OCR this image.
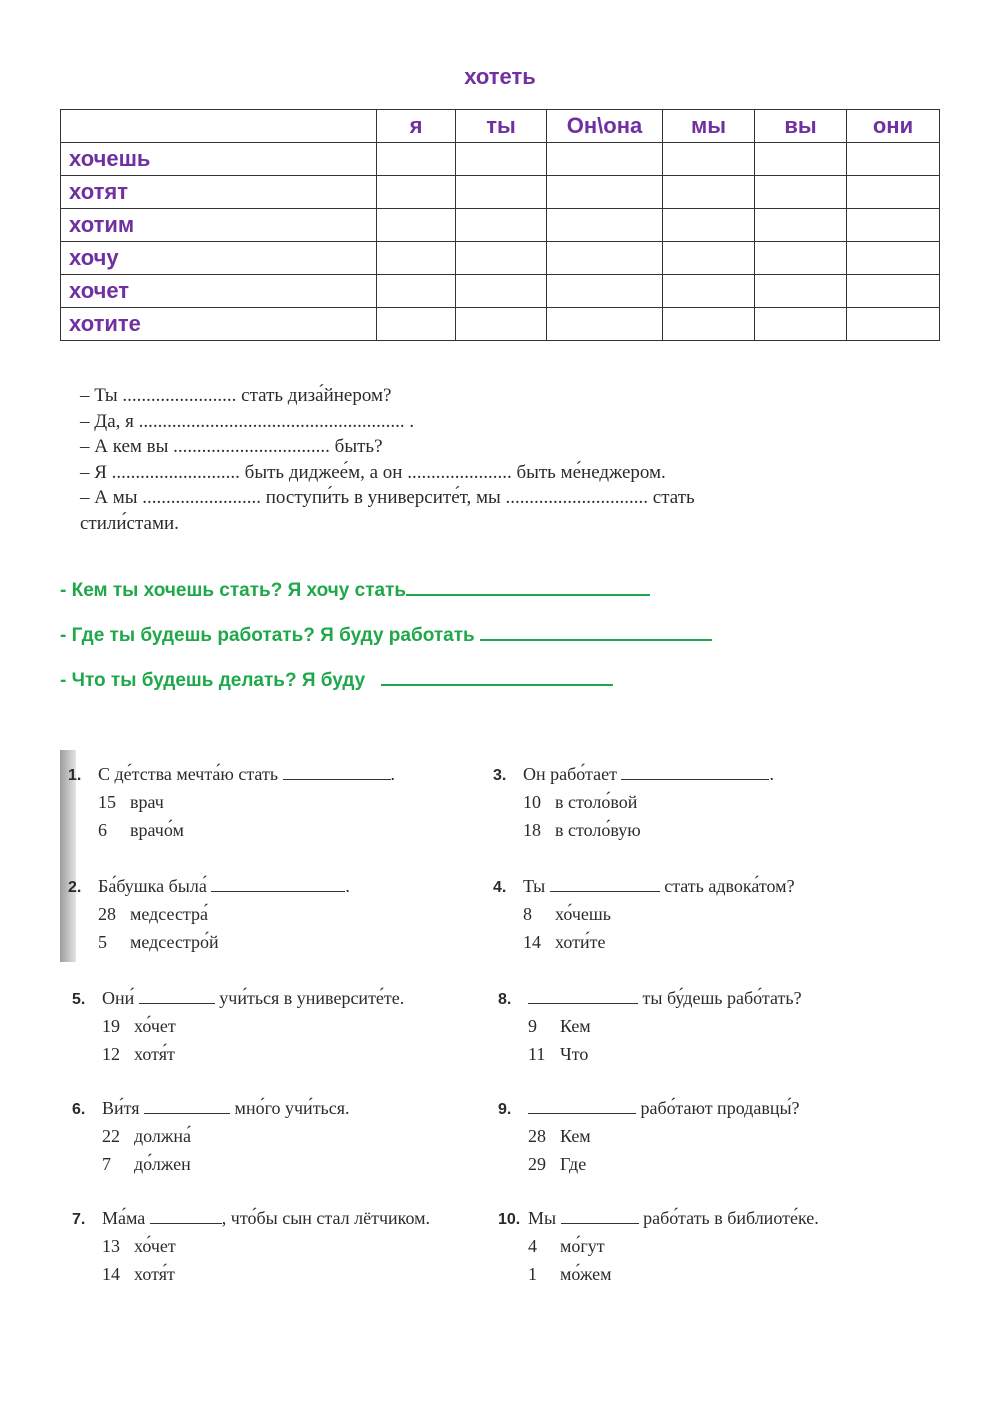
хотеть
	я	ты	Он\она	мы	вы	они
хочешь						
хотят						
хотим						
хочу						
хочет						
хотите						
– Ты ........................ стать диза́йнером?
– Да, я ........................................................ .
– А кем вы ................................. быть?
– Я ........................... быть диджее́м, а он ...................... быть ме́неджером.
– А мы ......................... поступи́ть в университе́т, мы .............................. стать
стили́стами.
- Кем ты хочешь стать? Я хочу стать
- Где ты будешь работать? Я буду работать
- Что ты будешь делать? Я буду
1. С де́тства мечта́ю стать	.
15 врач
6 врачо́м
2. Ба́бушка была́	.
28 медсестра́
5 медсестро́й
3. Он рабо́тает	.
10 в столо́вой
18 в столо́вую
4. Ты	стать адвока́том?
8 хо́чешь
14 хоти́те
5. Они́	учи́ться в университе́те.
19 хо́чет
12 хотя́т
6. Ви́тя	мно́го учи́ться.
22 должна́
7 до́лжен
7. Ма́ма	, что́бы сын стал лётчиком.
13 хо́чет
14 хотя́т
8.	ты бу́дешь рабо́тать?
9 Кем
11 Что
9.	рабо́тают продавцы́?
28 Кем
29 Где
10. Мы	рабо́тать в библиоте́ке.
4 мо́гут
1 мо́жем
